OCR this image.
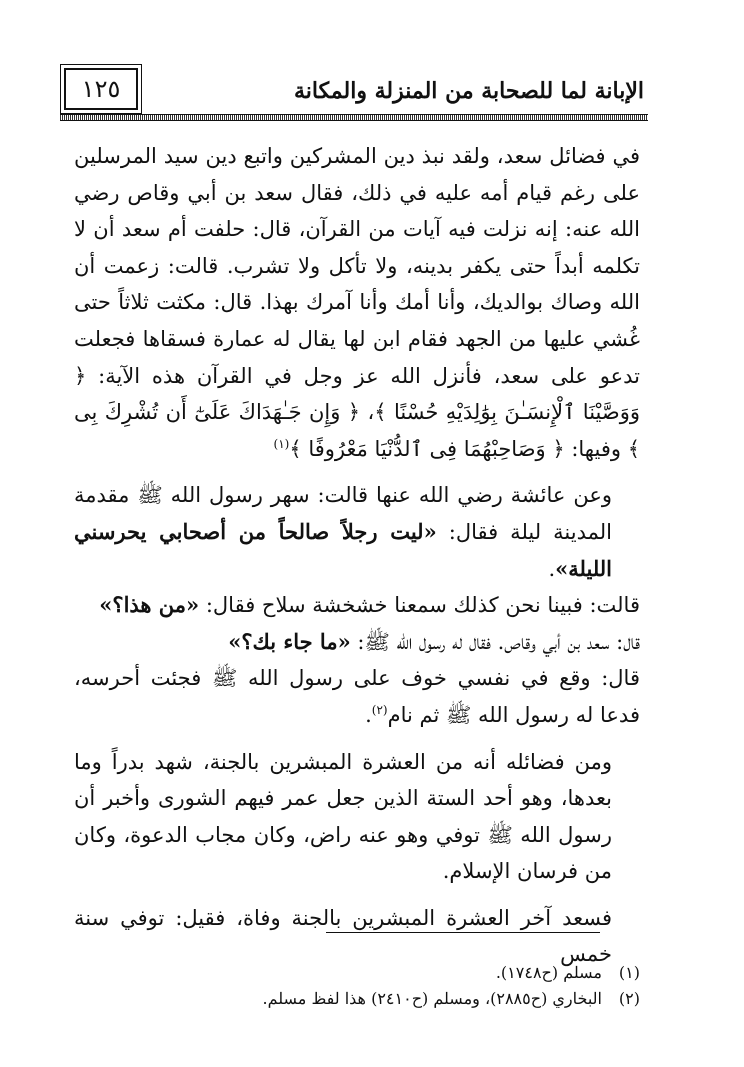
١٢٥	الإبانة لما للصحابة من المنزلة والمكانة

في فضائل سعد، ولقد نبذ دين المشركين واتبع دين سيد المرسلين على رغم قيام أمه عليه في ذلك، فقال سعد بن أبي وقاص رضي الله عنه: إنه نزلت فيه آيات من القرآن، قال: حلفت أم سعد أن لا تكلمه أبداً حتى يكفر بدينه، ولا تأكل ولا تشرب. قالت: زعمت أن الله وصاك بوالديك، وأنا أمك وأنا آمرك بهذا. قال: مكثت ثلاثاً حتى غُشي عليها من الجهد فقام ابن لها يقال له عمارة فسقاها فجعلت تدعو على سعد، فأنزل الله عز وجل في القرآن هذه الآية: ﴿ وَوَصَّيْنَا ٱلْإِنسَـٰنَ بِوَٰلِدَيْهِ حُسْنًا ﴾، ﴿ وَإِن جَـٰهَدَاكَ عَلَىٰٓ أَن تُشْرِكَ بِى ﴾ وفيها: ﴿ وَصَاحِبْهُمَا فِى ٱلدُّنْيَا مَعْرُوفًا ﴾$^{(١)}$

وعن عائشة رضي الله عنها قالت: سهر رسول الله ﷺ مقدمة المدينة ليلة فقال: «ليت رجلاً صالحاً من أصحابي يحرسني الليلة».

قالت: فبينا نحن كذلك سمعنا خشخشة سلاح فقال: «من هذا؟»

قال: سعد بن أبي وقاص. فقال له رسول الله ﷺ: «ما جاء بك؟»

قال: وقع في نفسي خوف على رسول الله ﷺ فجئت أحرسه، فدعا له رسول الله ﷺ ثم نام$^{(٢)}$.

ومن فضائله أنه من العشرة المبشرين بالجنة، شهد بدراً وما بعدها، وهو أحد الستة الذين جعل عمر فيهم الشورى وأخبر أن رسول الله ﷺ توفي وهو عنه راض، وكان مجاب الدعوة، وكان من فرسان الإسلام.

فسعد آخر العشرة المبشرين بالجنة وفاة، فقيل: توفي سنة خمس

(١)مسلم (ح١٧٤٨).
(٢)البخاري (ح٢٨٨٥)، ومسلم (ح٢٤١٠) هذا لفظ مسلم.
